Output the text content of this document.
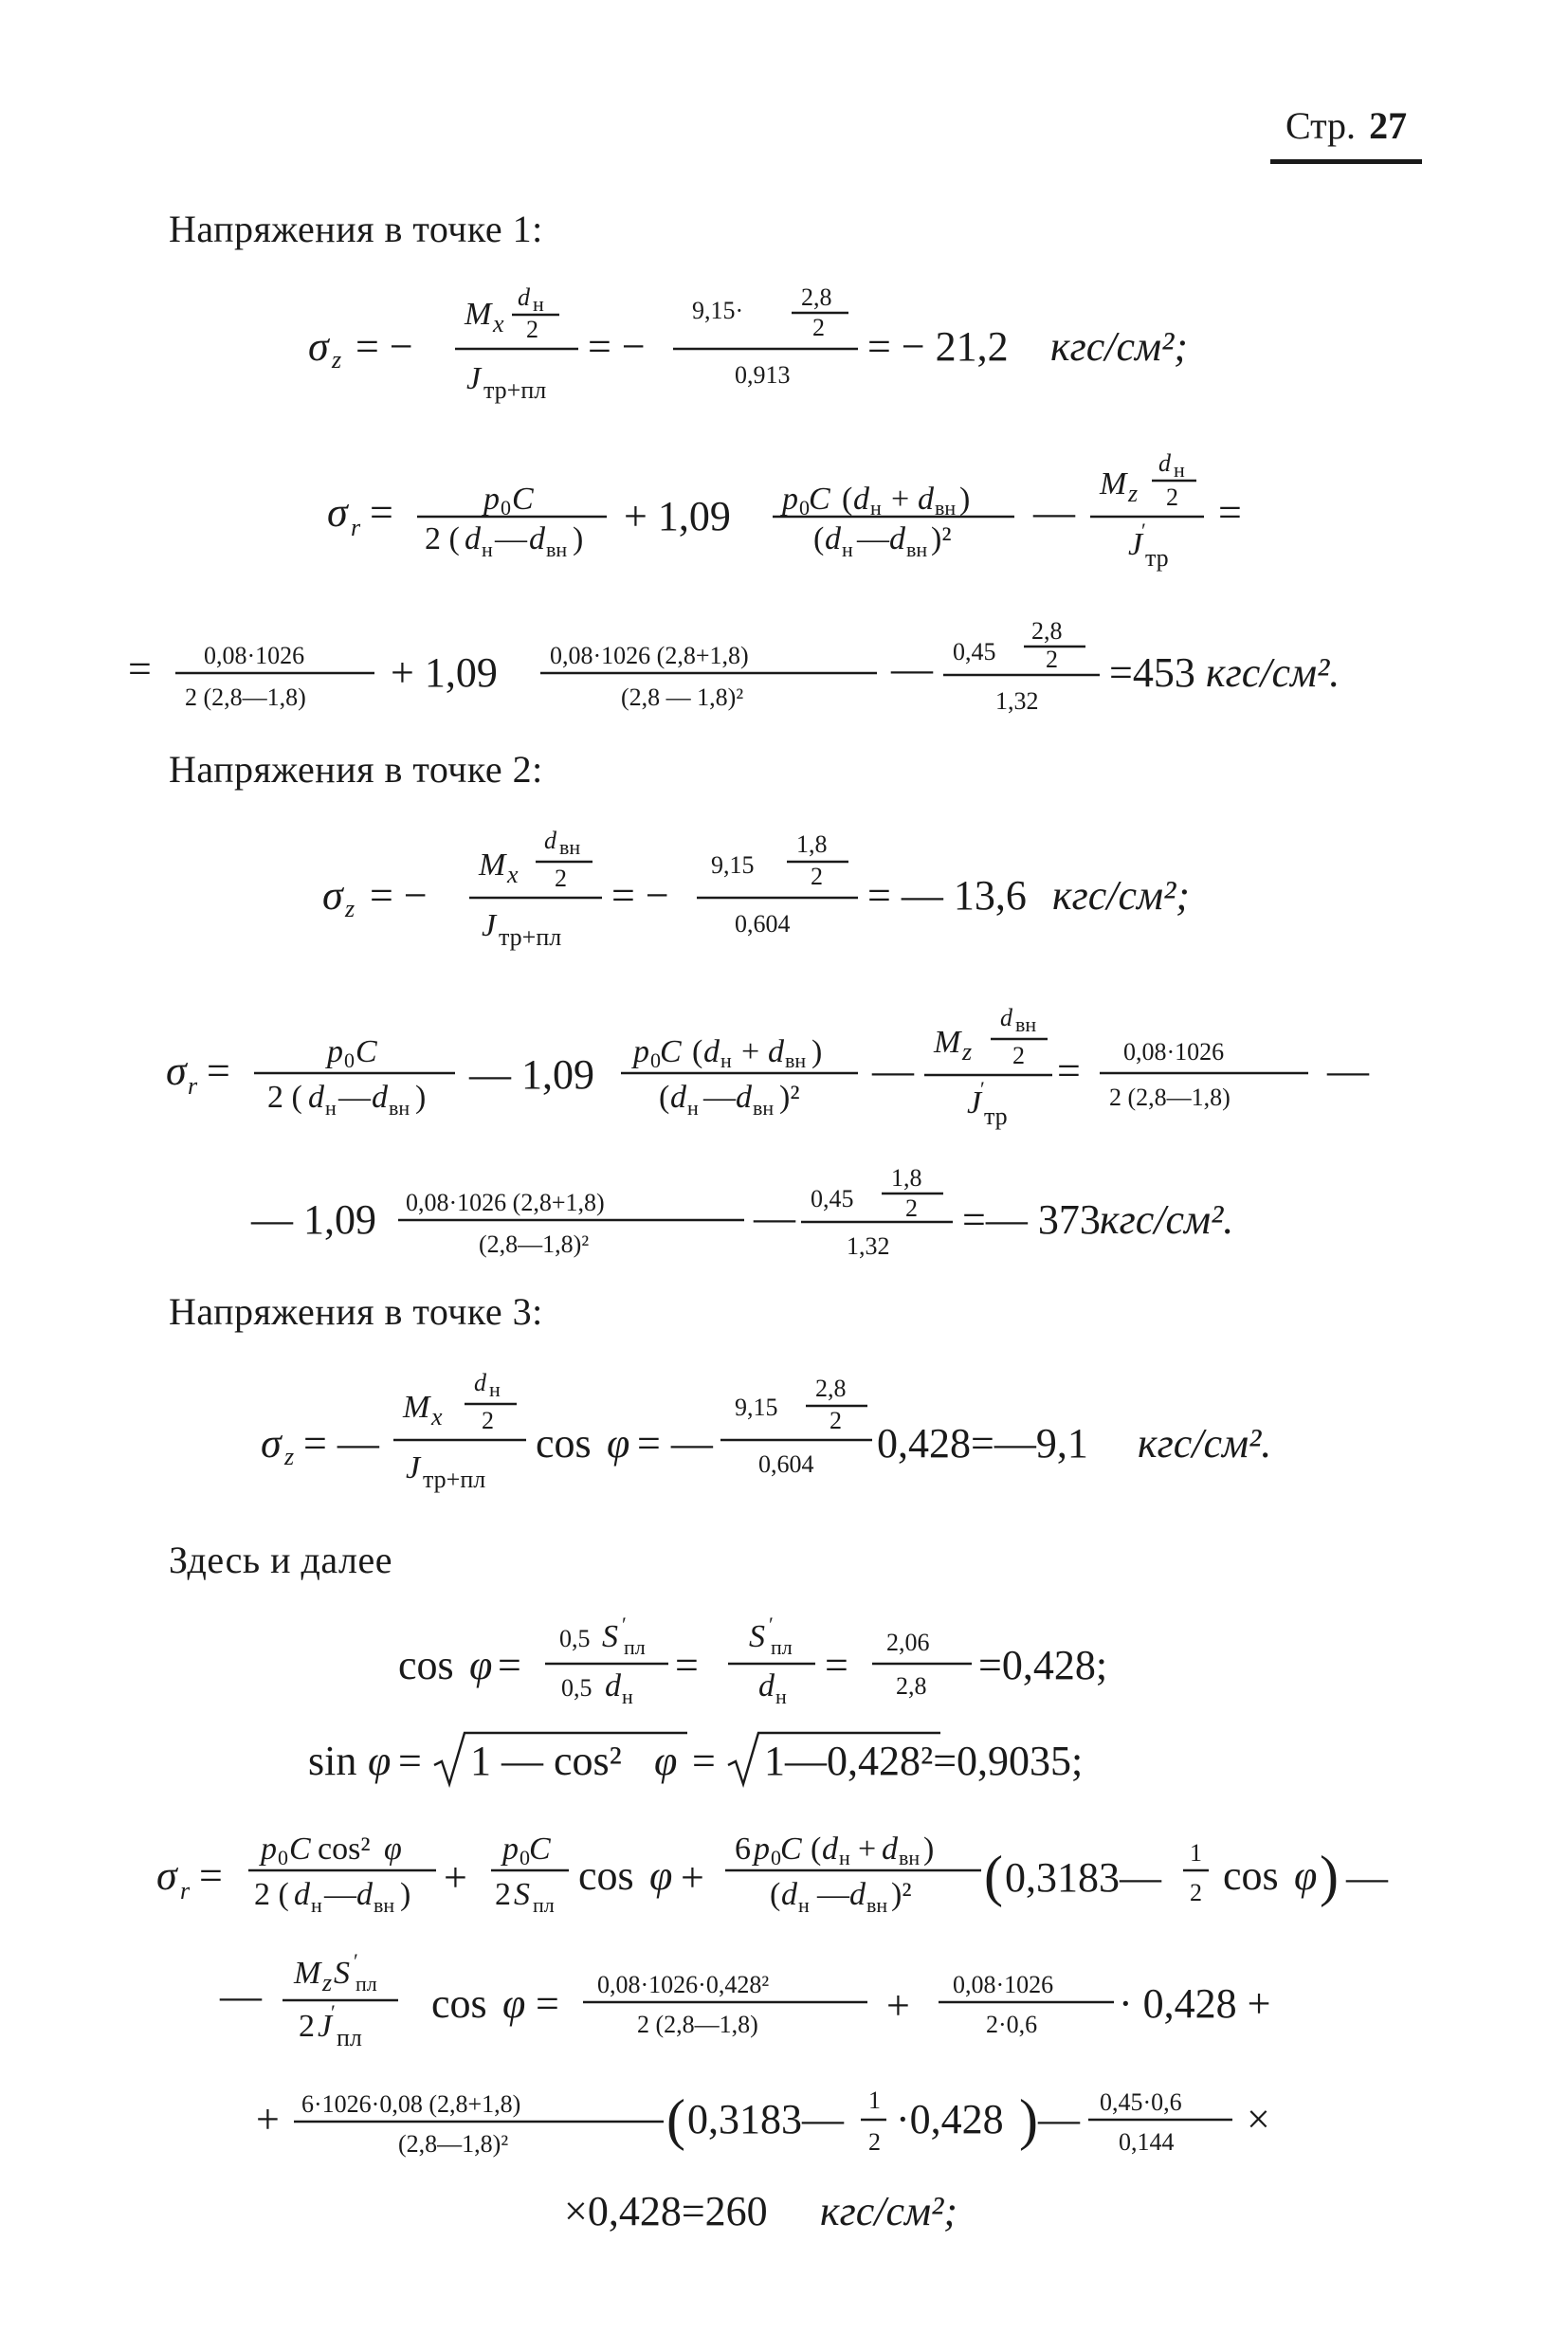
Стр. 27
Напряжения в точке 1:
Напряжения в точке 2:
Напряжения в точке 3:
Здесь и далее
σ z = −
M x
d н
2
J тр+пл
= −
9,15· 2,8
2
0,913
= − 21,2 кгс/см²;
σ r =	p 0 C
2 ( d н — d вн ) + 1,09 p 0 C ( d н + d вн )
( d н — d вн )²
—
M z
d н
2
J
′
тр
=
= 0,08·1026
2 (2,8—1,8)
+ 1,09 0,08·1026 (2,8+1,8)
(2,8 — 1,8)²
— 0,45
2,8
2
1,32
=453 кгс/см².
σ z = −
M x
d вн
2
J тр+пл
= −
9,15
1,8
2
0,604
= — 13,6 кгс/см²;
σ r =	p 0 C
2 ( d н — d вн ) — 1,09 p 0 C ( d н + d вн )
( d н — d вн )²
—
M z
d вн
2
J
′
тр
= 0,08·1026
2 (2,8—1,8)
—
— 1,09 0,08·1026 (2,8+1,8)
(2,8—1,8)²
— 0,45
1,8
2
1,32
=— 373 кгс/см².
σ z = —
M x
d н
2
J тр+пл
cos φ = —
9,15
2,8
2
0,604 0,428=—9,1 кгс/см².
cos φ =
0,5 S ′
пл
0,5 d н
=
S ′
пл
d н
= 2,06
2,8 =0,428;
sin φ = 1 — cos² φ = 1—0,428²=0,9035;
σ r =
p 0 C cos² φ
2 ( d н — d вн ) +
p 0 C
2 S пл
cos φ +
6 p 0 C ( d н + d вн )
( d н — d вн )² ( 0,3183—
1
2 cos φ ) —
— M z S ′
пл
2 J
′
пл
cos φ = 0,08·1026·0,428²
2 (2,8—1,8)	+ 0,08·1026
2·0,6 · 0,428 +
+ 6·1026·0,08 (2,8+1,8)
(2,8—1,8)²	( 0,3183— 1
2 ·0,428 ) — 0,45·0,6
0,144 ×
×0,428=260 кгс/см²;
